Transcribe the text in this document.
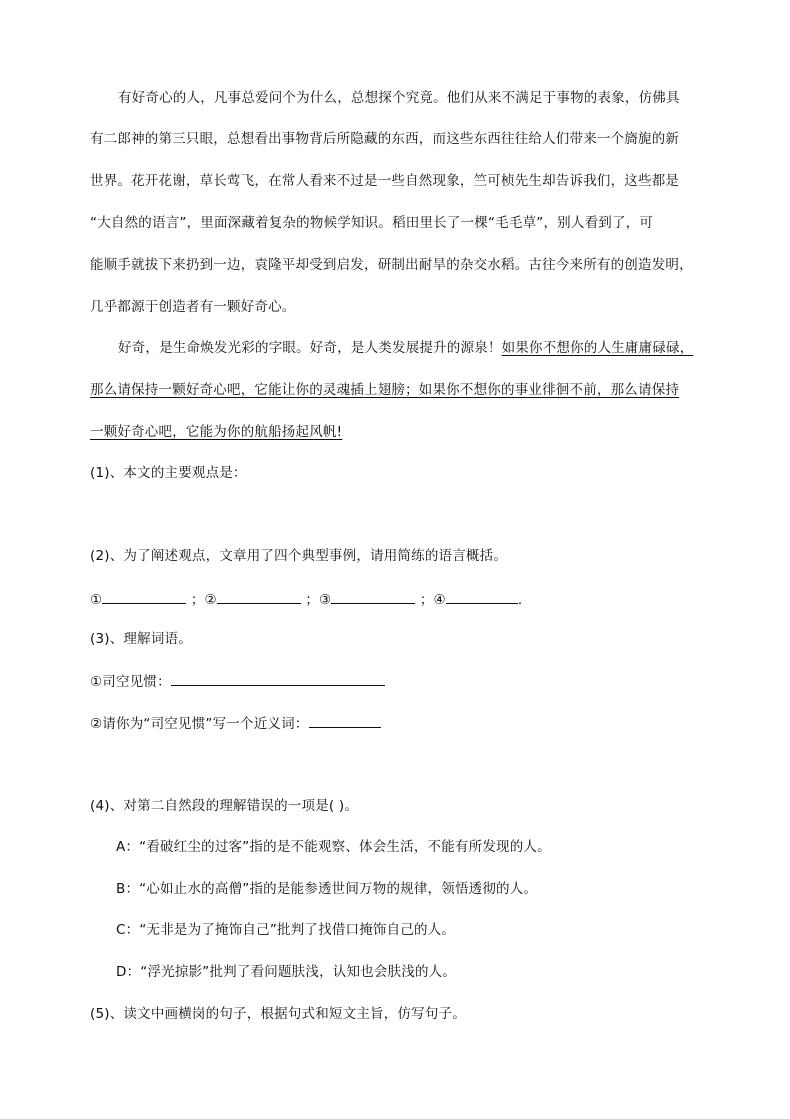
有好奇心的人，凡事总爱问个为什么，总想探个究竟。他们从来不满足于事物的表象，仿佛具
有二郎神的第三只眼，总想看出事物背后所隐藏的东西，而这些东西往往给人们带来一个旖旎的新
世界。花开花谢，草长莺飞，在常人看来不过是一些自然现象，竺可桢先生却告诉我们，这些都是
“大自然的语言”，里面深藏着复杂的物候学知识。稻田里长了一棵“毛毛草”，别人看到了，可
能顺手就拔下来扔到一边，袁隆平却受到启发，研制出耐旱的杂交水稻。古往今来所有的创造发明，
几乎都源于创造者有一颗好奇心。
好奇，是生命焕发光彩的字眼。好奇，是人类发展提升的源泉！如果你不想你的人生庸庸碌碌，
那么请保持一颗好奇心吧，它能让你的灵魂插上翅膀；如果你不想你的事业徘徊不前，那么请保持
一颗好奇心吧，它能为你的航船扬起风帆!
(1)、本文的主要观点是：
(2)、为了阐述观点，文章用了四个典型事例，请用简练的语言概括。
①	；②	；③	；④	.
(3)、理解词语。
①司空见惯：
②请你为“司空见惯”写一个近义词：
(4)、对第二自然段的理解错误的一项是( )。
A：“看破红尘的过客”指的是不能观察、体会生活，不能有所发现的人。
B：“心如止水的高僧”指的是能参透世间万物的规律，领悟透彻的人。
C：“无非是为了掩饰自己”批判了找借口掩饰自己的人。
D：“浮光掠影”批判了看问题肤浅，认知也会肤浅的人。
(5)、读文中画横岗的句子，根据句式和短文主旨，仿写句子。
